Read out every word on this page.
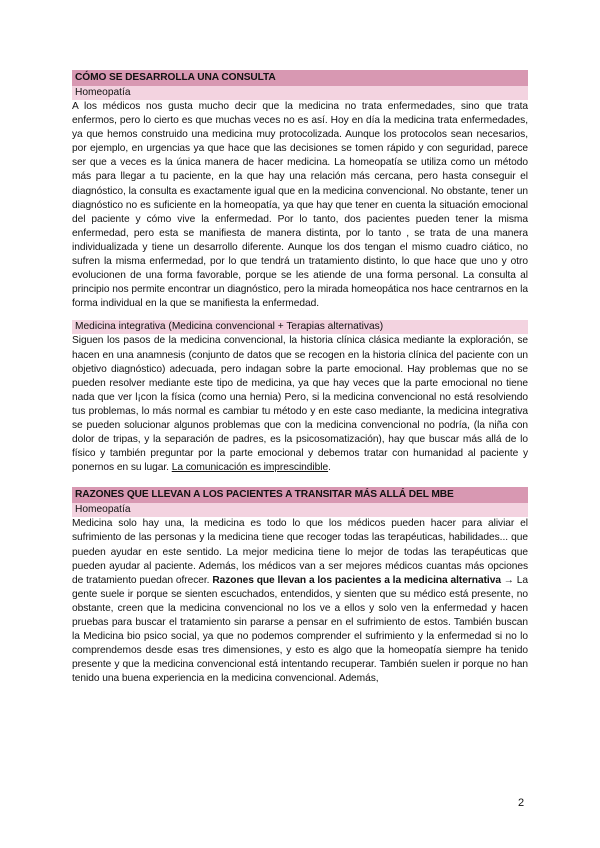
CÓMO SE DESARROLLA UNA CONSULTA
Homeopatía

A los médicos nos gusta mucho decir que la medicina no trata enfermedades, sino que trata enfermos, pero lo cierto es que muchas veces no es así. Hoy en día la medicina trata enfermedades, ya que hemos construido una medicina muy protocolizada. Aunque los protocolos sean necesarios, por ejemplo, en urgencias ya que hace que las decisiones se tomen rápido y con seguridad, parece ser que a veces es la única manera de hacer medicina. La homeopatía se utiliza como un método más para llegar a tu paciente, en la que hay una relación más cercana, pero hasta conseguir el diagnóstico, la consulta es exactamente igual que en la medicina convencional. No obstante, tener un diagnóstico no es suficiente en la homeopatía, ya que hay que tener en cuenta la situación emocional del paciente y cómo vive la enfermedad. Por lo tanto, dos pacientes pueden tener la misma enfermedad, pero esta se manifiesta de manera distinta, por lo tanto , se trata de una manera individualizada y tiene un desarrollo diferente. Aunque los dos tengan el mismo cuadro ciático, no sufren la misma enfermedad, por lo que tendrá un tratamiento distinto, lo que hace que uno y otro evolucionen de una forma favorable, porque se les atiende de una forma personal. La consulta al principio nos permite encontrar un diagnóstico, pero la mirada homeopática nos hace centrarnos en la forma individual en la que se manifiesta la enfermedad.

Medicina integrativa (Medicina convencional + Terapias alternativas)

Siguen los pasos de la medicina convencional, la historia clínica clásica mediante la exploración, se hacen en una anamnesis (conjunto de datos que se recogen en la historia clínica del paciente con un objetivo diagnóstico) adecuada, pero indagan sobre la parte emocional. Hay problemas que no se pueden resolver mediante este tipo de medicina, ya que hay veces que la parte emocional no tiene nada que ver l¡con la física (como una hernia) Pero, si la medicina convencional no está resolviendo tus problemas, lo más normal es cambiar tu método y en este caso mediante, la medicina integrativa se pueden solucionar algunos problemas que con la medicina convencional no podría, (la niña con dolor de tripas, y la separación de padres, es la psicosomatización), hay que buscar más allá de lo físico y también preguntar por la parte emocional y debemos tratar con humanidad al paciente y ponernos en su lugar. La comunicación es imprescindible.

RAZONES QUE LLEVAN A LOS PACIENTES A TRANSITAR MÁS ALLÁ DEL MBE
Homeopatía

Medicina solo hay una, la medicina es todo lo que los médicos pueden hacer para aliviar el sufrimiento de las personas y la medicina tiene que recoger todas las terapéuticas, habilidades... que pueden ayudar en este sentido. La mejor medicina tiene lo mejor de todas las terapéuticas que pueden ayudar al paciente. Además, los médicos van a ser mejores médicos cuantas más opciones de tratamiento puedan ofrecer. Razones que llevan a los pacientes a la medicina alternativa → La gente suele ir porque se sienten escuchados, entendidos, y sienten que su médico está presente, no obstante, creen que la medicina convencional no los ve a ellos y solo ven la enfermedad y hacen pruebas para buscar el tratamiento sin pararse a pensar en el sufrimiento de estos. También buscan la Medicina bio psico social, ya que no podemos comprender el sufrimiento y la enfermedad si no lo comprendemos desde esas tres dimensiones, y esto es algo que la homeopatía siempre ha tenido presente y que la medicina convencional está intentando recuperar. También suelen ir porque no han tenido una buena experiencia en la medicina convencional. Además,

2
